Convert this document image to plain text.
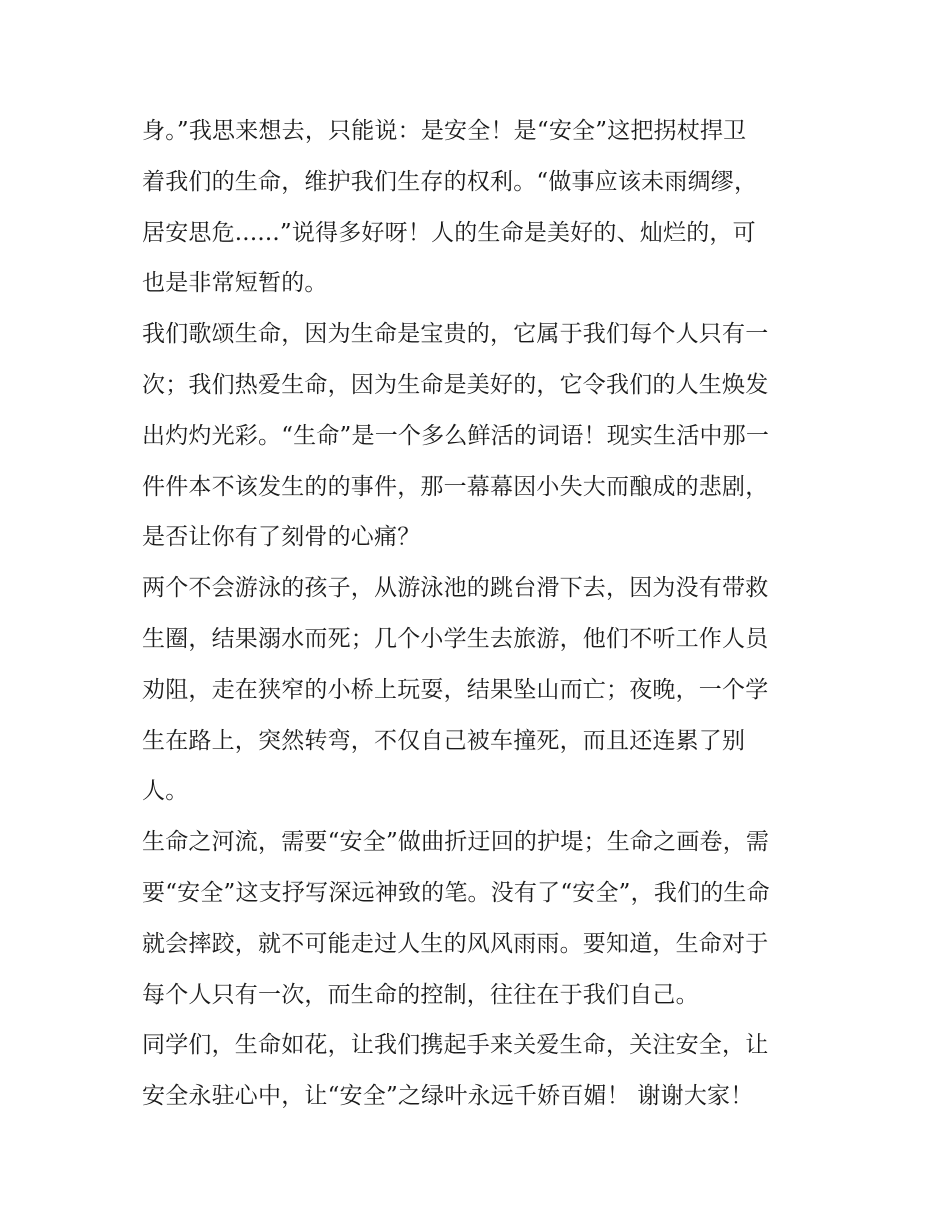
身。”我思来想去，只能说：是安全！是“安全”这把拐杖捍卫
着我们的生命，维护我们生存的权利。“做事应该未雨绸缪，
居安思危......”说得多好呀！人的生命是美好的、灿烂的，可
也是非常短暂的。
我们歌颂生命，因为生命是宝贵的，它属于我们每个人只有一
次；我们热爱生命，因为生命是美好的，它令我们的人生焕发
出灼灼光彩。“生命”是一个多么鲜活的词语！现实生活中那一
件件本不该发生的的事件，那一幕幕因小失大而酿成的悲剧，
是否让你有了刻骨的心痛？
两个不会游泳的孩子，从游泳池的跳台滑下去，因为没有带救
生圈，结果溺水而死；几个小学生去旅游，他们不听工作人员
劝阻，走在狭窄的小桥上玩耍，结果坠山而亡；夜晚，一个学
生在路上，突然转弯，不仅自己被车撞死，而且还连累了别
人。
生命之河流，需要“安全”做曲折迂回的护堤；生命之画卷，需
要“安全”这支抒写深远神致的笔。没有了“安全”，我们的生命
就会摔跤，就不可能走过人生的风风雨雨。要知道，生命对于
每个人只有一次，而生命的控制，往往在于我们自己。
同学们，生命如花，让我们携起手来关爱生命，关注安全，让
安全永驻心中，让“安全”之绿叶永远千娇百媚！ 谢谢大家！
